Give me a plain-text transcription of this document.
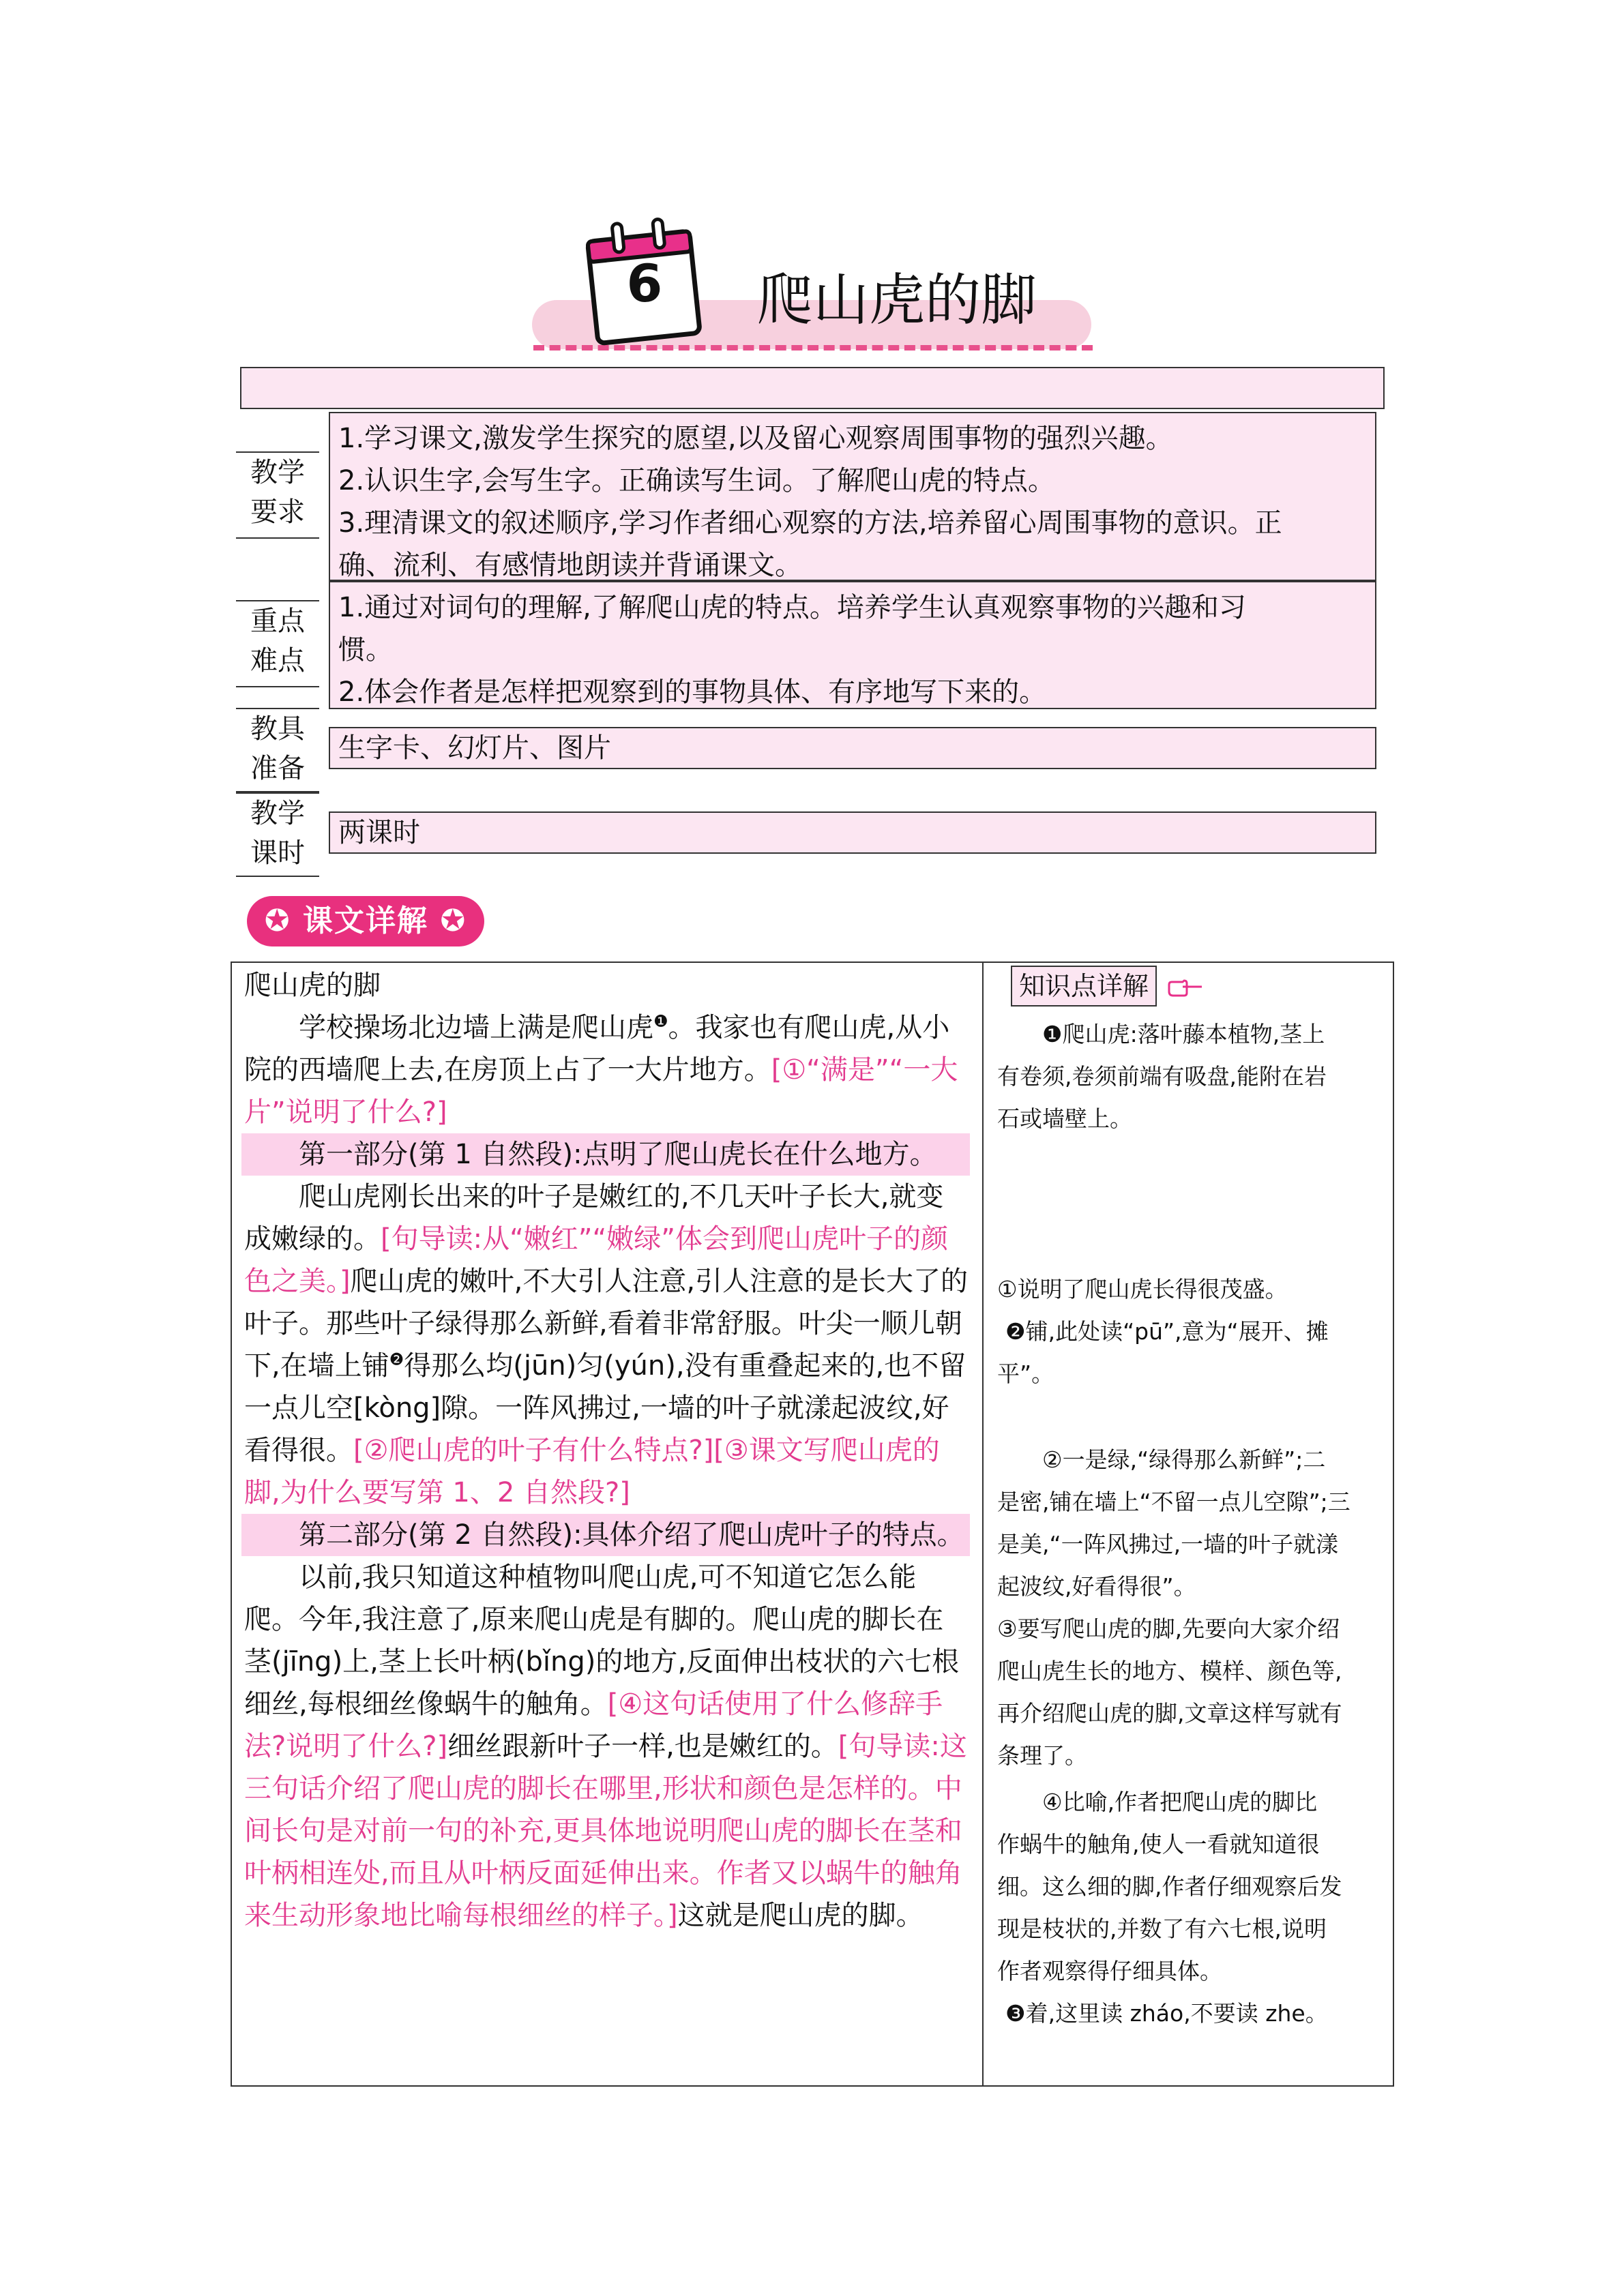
6 爬山虎的脚
教学
要求

1.学习课文,激发学生探究的愿望,以及留心观察周围事物的强烈兴趣。

2.认识生字,会写生字。正确读写生词。了解爬山虎的特点。

3.理清课文的叙述顺序,学习作者细心观察的方法,培养留心周围事物的意识。正

确、流利、有感情地朗读并背诵课文。

重点
难点

1.通过对词句的理解,了解爬山虎的特点。培养学生认真观察事物的兴趣和习

惯。

2.体会作者是怎样把观察到的事物具体、有序地写下来的。

教具
准备

生字卡、幻灯片、图片

教学
课时

两课时

✪ 课文详解 ✪

爬山虎的脚

学校操场北边墙上满是爬山虎$^❶$。我家也有爬山虎,从小院的西墙爬上去,在房顶上占了一大片地方。[①“满是”“一大片”说明了什么?]

第一部分(第 1 自然段):点明了爬山虎长在什么地方。

爬山虎刚长出来的叶子是嫩红的,不几天叶子长大,就变成嫩绿的。[句导读:从“嫩红”“嫩绿”体会到爬山虎叶子的颜色之美。]爬山虎的嫩叶,不大引人注意,引人注意的是长大了的叶子。那些叶子绿得那么新鲜,看着非常舒服。叶尖一顺儿朝下,在墙上铺$^❷$得那么均(jūn)匀(yún),没有重叠起来的,也不留一点儿空[kòng]隙。一阵风拂过,一墙的叶子就漾起波纹,好看得很。[②爬山虎的叶子有什么特点?][③课文写爬山虎的脚,为什么要写第 1、2 自然段?]

第二部分(第 2 自然段):具体介绍了爬山虎叶子的特点。

以前,我只知道这种植物叫爬山虎,可不知道它怎么能爬。今年,我注意了,原来爬山虎是有脚的。爬山虎的脚长在茎(jīng)上,茎上长叶柄(bǐng)的地方,反面伸出枝状的六七根细丝,每根细丝像蜗牛的触角。[④这句话使用了什么修辞手法?说明了什么?]细丝跟新叶子一样,也是嫩红的。[句导读:这三句话介绍了爬山虎的脚长在哪里,形状和颜色是怎样的。中间长句是对前一句的补充,更具体地说明爬山虎的脚长在茎和叶柄相连处,而且从叶柄反面延伸出来。作者又以蜗牛的触角来生动形象地比喻每根细丝的样子。]这就是爬山虎的脚。

知识点详解

❶爬山虎:落叶藤本植物,茎上

有卷须,卷须前端有吸盘,能附在岩

石或墙壁上。

①说明了爬山虎长得很茂盛。

❷铺,此处读“pū”,意为“展开、摊

平”。

②一是绿,“绿得那么新鲜”;二

是密,铺在墙上“不留一点儿空隙”;三

是美,“一阵风拂过,一墙的叶子就漾

起波纹,好看得很”。

③要写爬山虎的脚,先要向大家介绍

爬山虎生长的地方、模样、颜色等,

再介绍爬山虎的脚,文章这样写就有

条理了。

④比喻,作者把爬山虎的脚比

作蜗牛的触角,使人一看就知道很

细。这么细的脚,作者仔细观察后发

现是枝状的,并数了有六七根,说明

作者观察得仔细具体。

❸着,这里读 zháo,不要读 zhe。
